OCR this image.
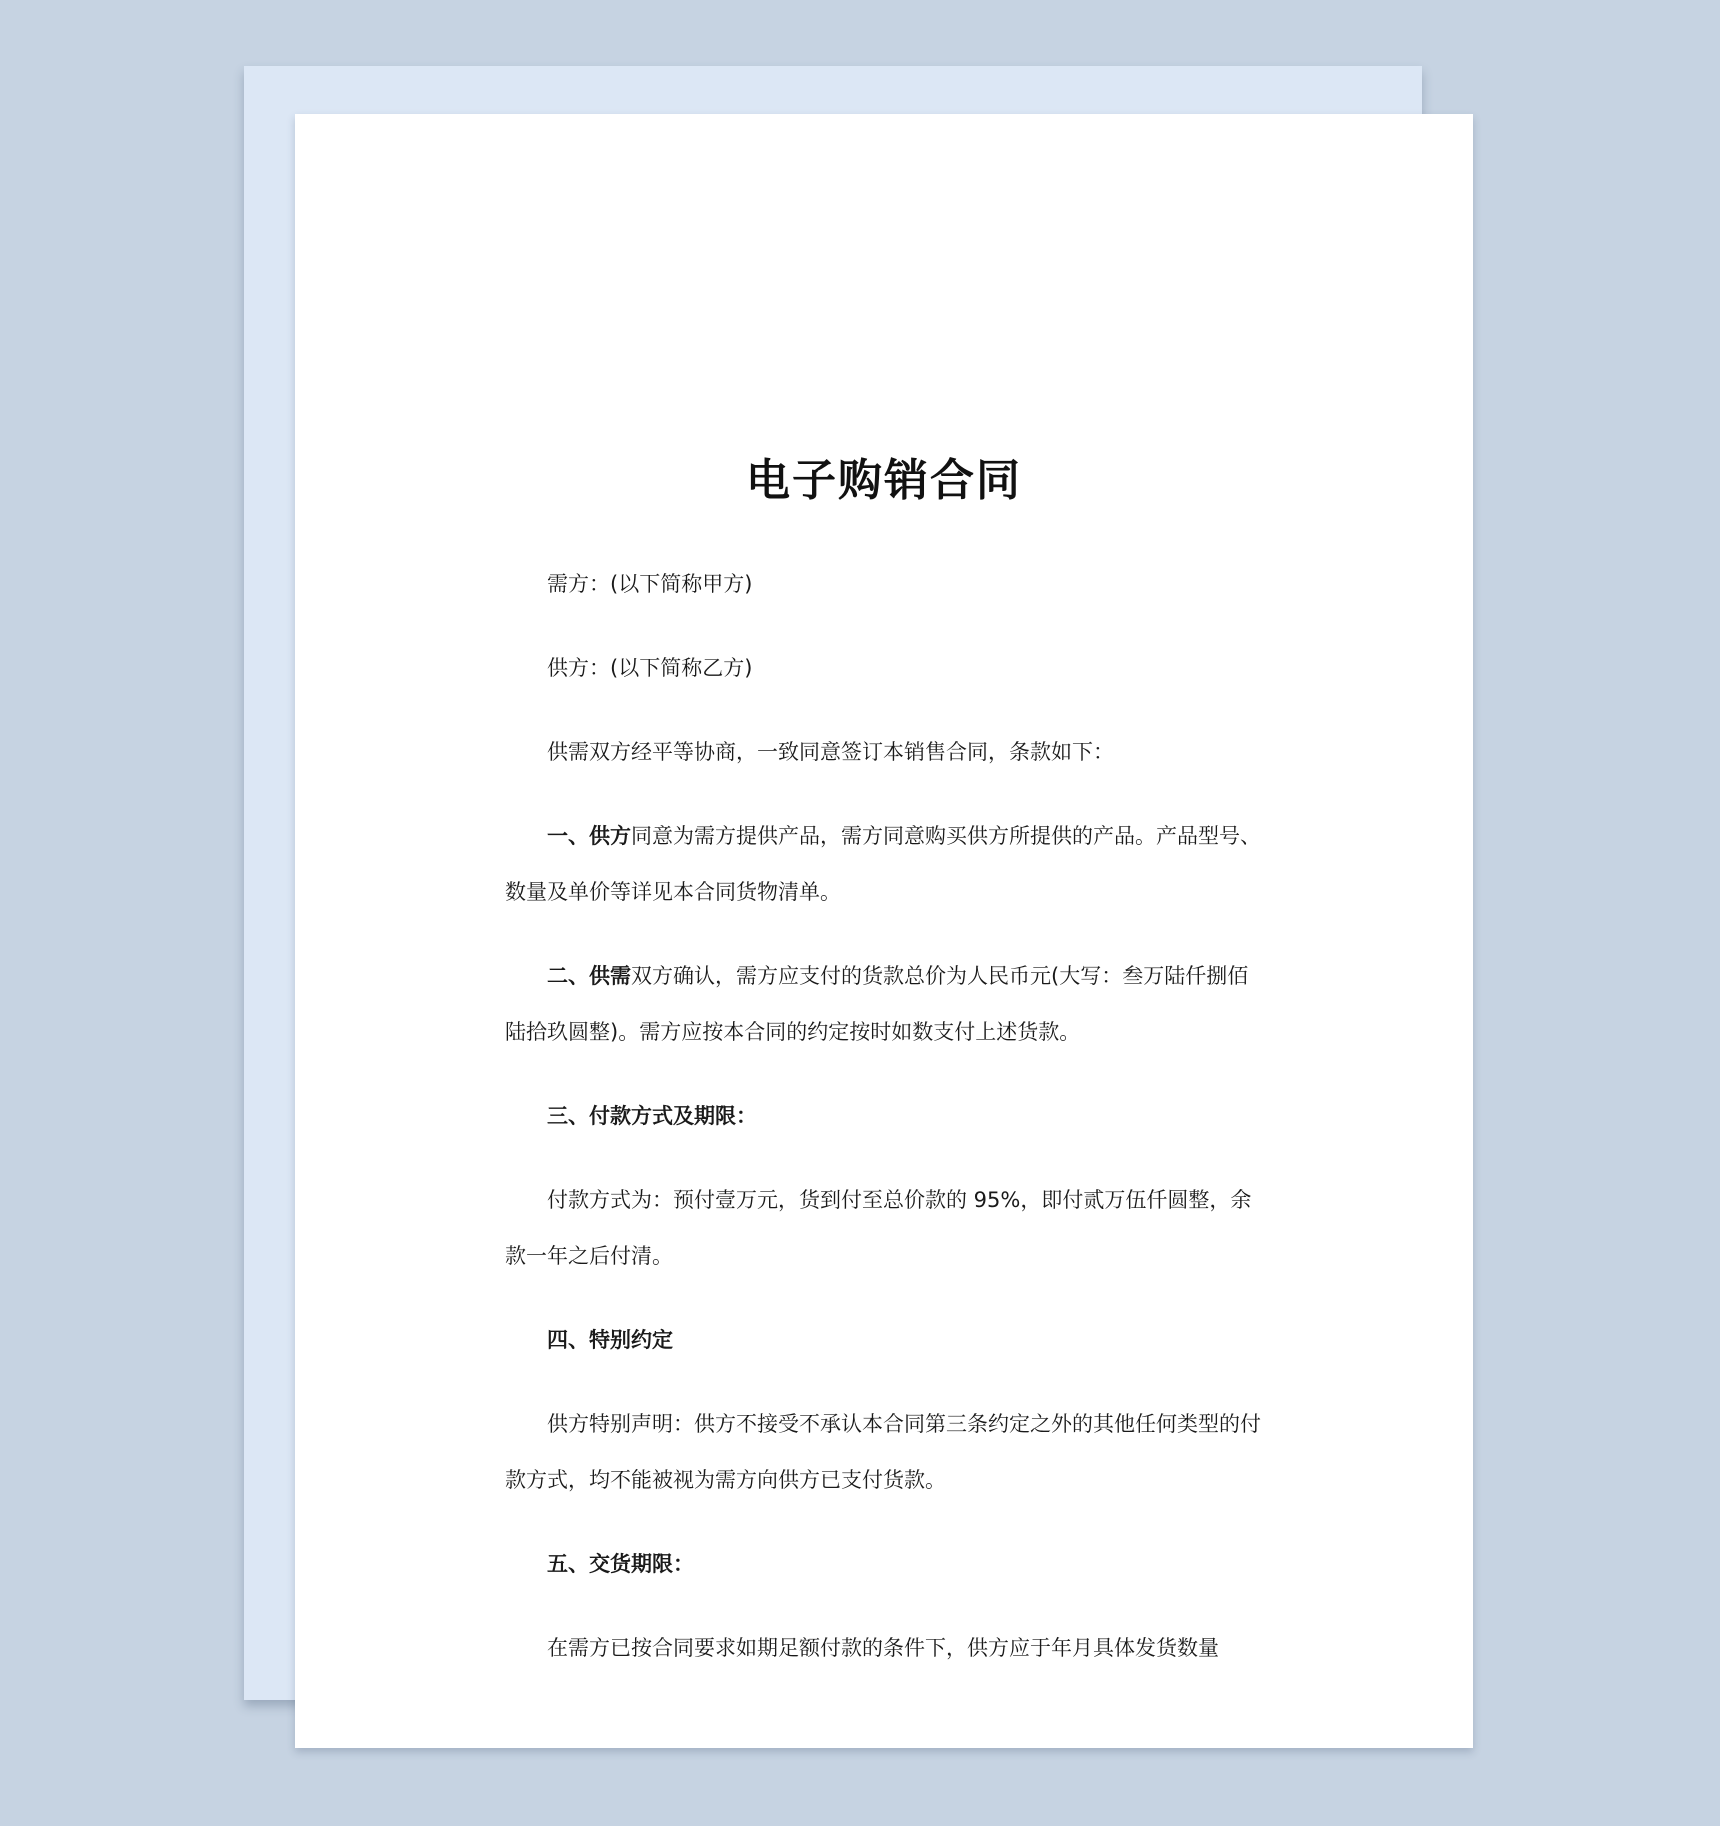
电子购销合同

需方：(以下简称甲方)

供方：(以下简称乙方)

供需双方经平等协商，一致同意签订本销售合同，条款如下：

一、供方同意为需方提供产品，需方同意购买供方所提供的产品。产品型号、数量及单价等详见本合同货物清单。

二、供需双方确认，需方应支付的货款总价为人民币元(大写：叁万陆仟捌佰陆拾玖圆整)。需方应按本合同的约定按时如数支付上述货款。

三、付款方式及期限：

付款方式为：预付壹万元，货到付至总价款的 95%，即付贰万伍仟圆整，余款一年之后付清。

四、特别约定

供方特别声明：供方不接受不承认本合同第三条约定之外的其他任何类型的付款方式，均不能被视为需方向供方已支付货款。

五、交货期限：

在需方已按合同要求如期足额付款的条件下，供方应于年月具体发货数量
